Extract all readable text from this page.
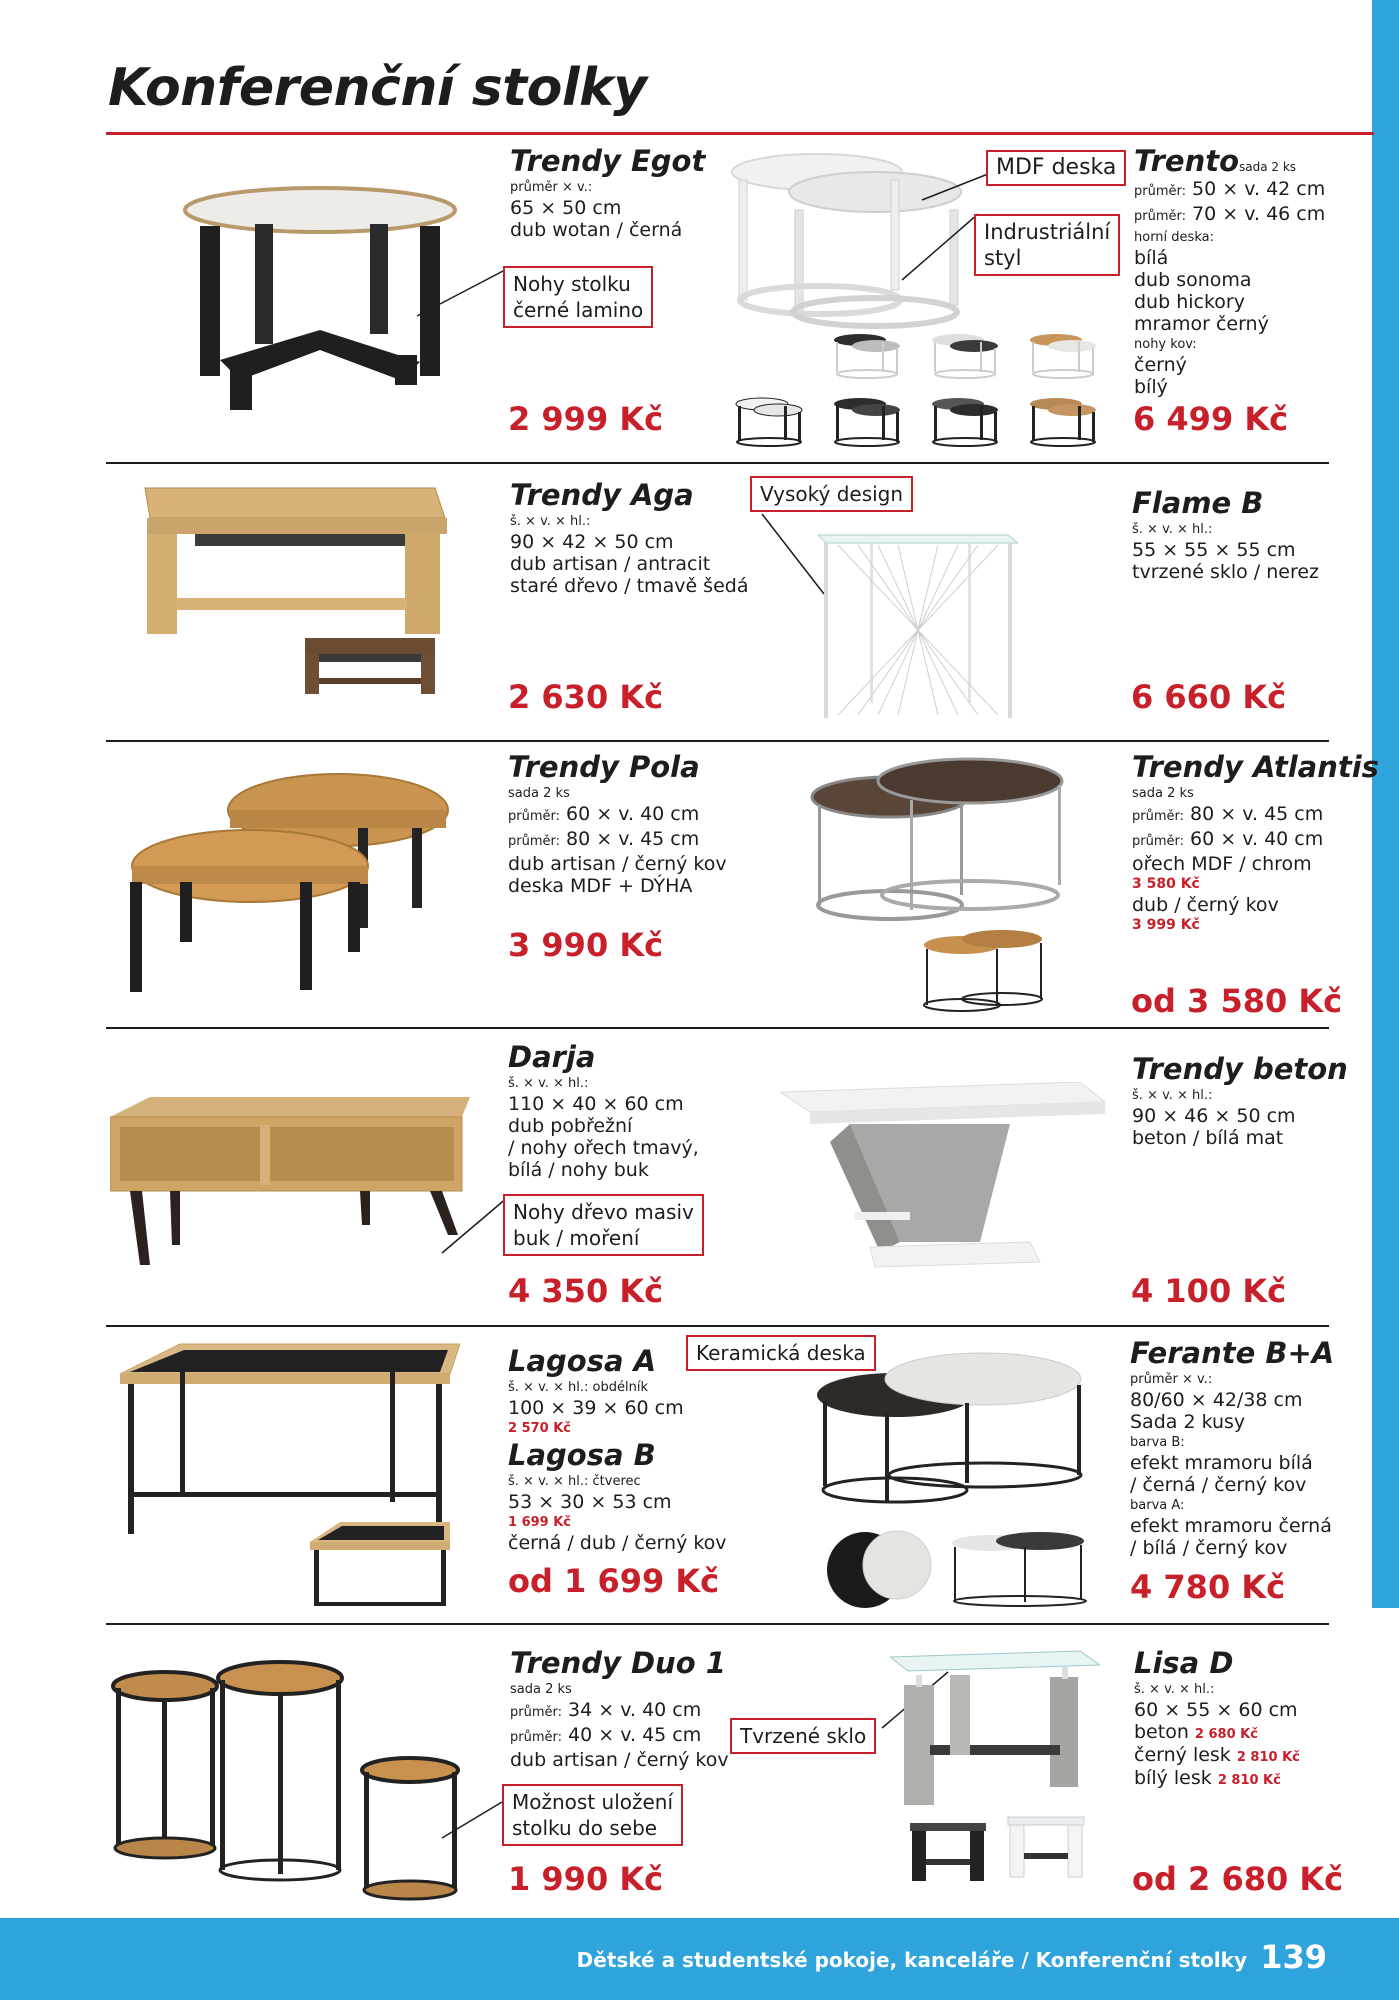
Konferenční stolky
Nohy stolku
černé lamino
Trendy Egot
průměr × v.:
65 × 50 cm
dub wotan / černá
2 999 Kč
MDF deska
Indrustriální
styl
Trentosada 2 ks
průměr: 50 × v. 42 cm
průměr: 70 × v. 46 cm
horní deska:
bílá
dub sonoma
dub hickory
mramor černý
nohy kov:
černý
bílý
6 499 Kč
Trendy Aga
š. × v. × hl.:
90 × 42 × 50 cm
dub artisan / antracit
staré dřevo / tmavě šedá
2 630 Kč
Vysoký design	Flame B
š. × v. × hl.:
55 × 55 × 55 cm
tvrzené sklo / nerez
6 660 Kč
Trendy Pola
sada 2 ks
průměr: 60 × v. 40 cm
průměr: 80 × v. 45 cm
dub artisan / černý kov
deska MDF + DÝHA
3 990 Kč
Trendy Atlantis
sada 2 ks
průměr: 80 × v. 45 cm
průměr: 60 × v. 40 cm
ořech MDF / chrom
3 580 Kč
dub / černý kov
3 999 Kč
od 3 580 Kč
Nohy dřevo masiv
buk / moření
Darja
š. × v. × hl.:
110 × 40 × 60 cm
dub pobřežní
/ nohy ořech tmavý,
bílá / nohy buk
4 350 Kč
Trendy beton
š. × v. × hl.:
90 × 46 × 50 cm
beton / bílá mat
4 100 Kč
Lagosa A
š. × v. × hl.: obdélník
100 × 39 × 60 cm
2 570 Kč
Lagosa B
š. × v. × hl.: čtverec
53 × 30 × 53 cm
1 699 Kč
černá / dub / černý kov
od 1 699 Kč
Keramická deska	Ferante B+A
průměr × v.:
80/60 × 42/38 cm
Sada 2 kusy
barva B:
efekt mramoru bílá
/ černá / černý kov
barva A:
efekt mramoru černá
/ bílá / černý kov
4 780 Kč
Možnost uložení
stolku do sebe
Trendy Duo 1
sada 2 ks
průměr: 34 × v. 40 cm
průměr: 40 × v. 45 cm
dub artisan / černý kov
1 990 Kč
Tvrzené sklo
Lisa D
š. × v. × hl.:
60 × 55 × 60 cm
beton 2 680 Kč
černý lesk 2 810 Kč
bílý lesk 2 810 Kč
od 2 680 Kč
Dětské a studentské pokoje, kanceláře / Konferenční stolky 139
